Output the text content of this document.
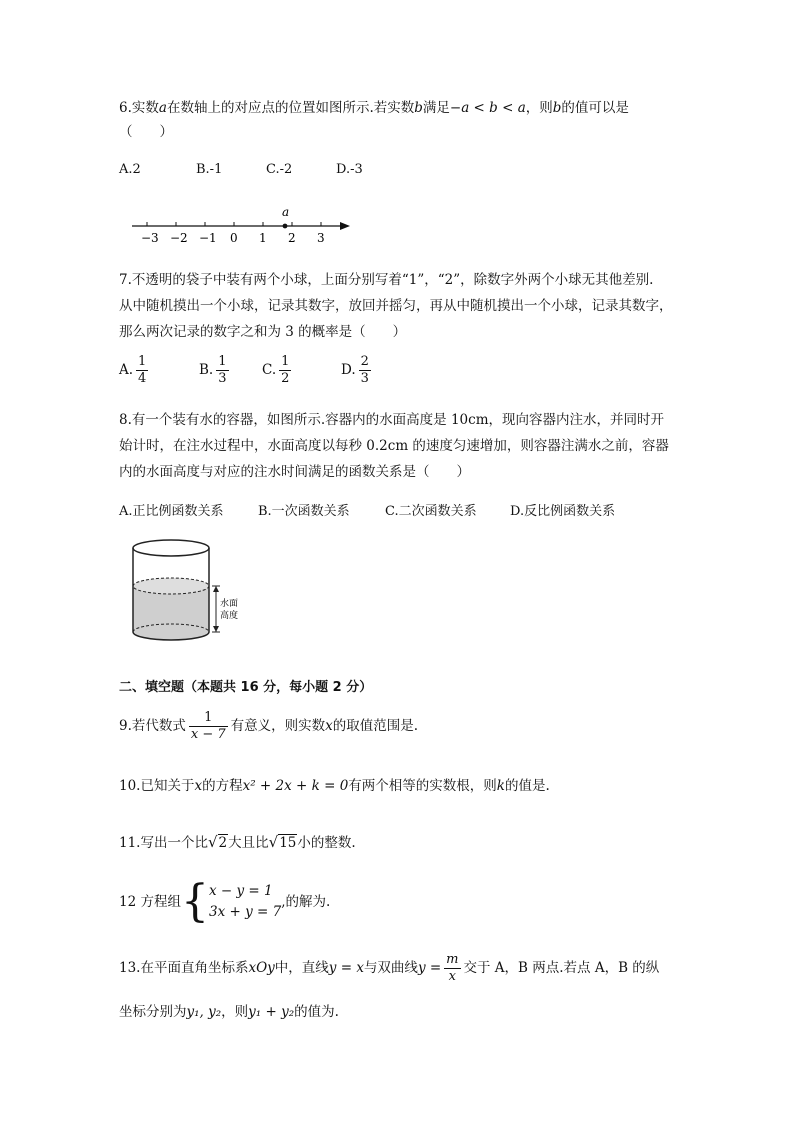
6.实数a在数轴上的对应点的位置如图所示.若实数b满足−a < b < a，则b的值可以是
（　　）
A.2	B.-1	C.-2	D.-3
a
−3 −2 −1 0 1 2 3
7.不透明的袋子中装有两个小球，上面分别写着“1”，“2”，除数字外两个小球无其他差别.
从中随机摸出一个小球，记录其数字，放回并摇匀，再从中随机摸出一个小球，记录其数字，
那么两次记录的数字之和为 3 的概率是（　　）
A. $\frac{1}{4}$	B. $\frac{1}{3} C$. $\frac{1}{2}$	D. $\frac{2}{3}$
8.有一个装有水的容器，如图所示.容器内的水面高度是 10cm，现向容器内注水，并同时开
始计时，在注水过程中，水面高度以每秒 0.2cm 的速度匀速增加，则容器注满水之前，容器
内的水面高度与对应的注水时间满足的函数关系是（　　）
A.正比例函数关系	B.一次函数关系	C.二次函数关系	D.反比例函数关系
水面
高度
二、填空题（本题共 16 分，每小题 2 分）
9.若代数式 $\frac{1}{x - 7}$ 有意义，则实数x的取值范围是.
10.已知关于x的方程x² + 2x + k = 0有两个相等的实数根，则k的值是.
11.写出一个比√2大且比√15小的整数.
12 方程组{ x − y = 1
3x + y = 7
,的解为.
13.在平面直角坐标系xOy中，直线y = x与双曲线$y = \frac{m}{x}$ 交于 A，B 两点.若点 A，B 的纵
坐标分别为y₁, y₂，则y₁ + y₂的值为.
